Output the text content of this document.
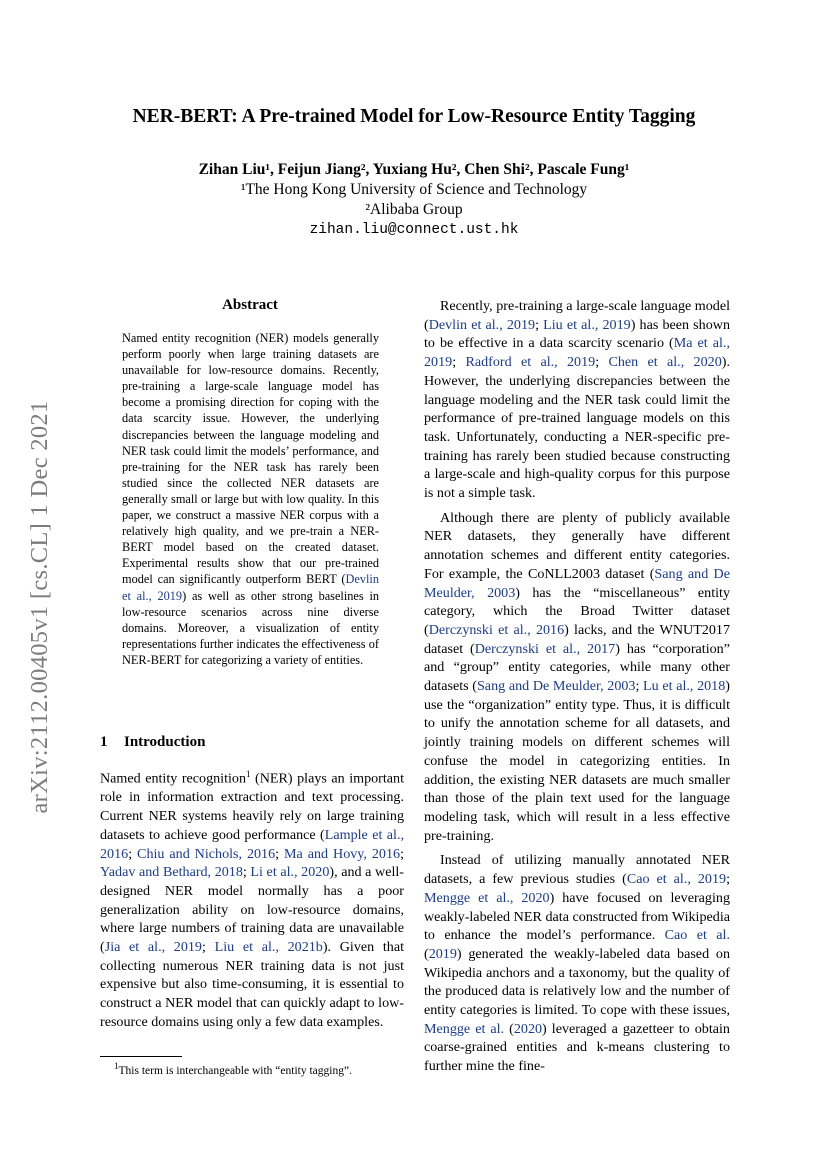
arXiv:2112.00405v1 [cs.CL] 1 Dec 2021
NER-BERT: A Pre-trained Model for Low-Resource Entity Tagging
Zihan Liu¹, Feijun Jiang², Yuxiang Hu², Chen Shi², Pascale Fung¹
¹The Hong Kong University of Science and Technology
²Alibaba Group
zihan.liu@connect.ust.hk
Abstract
Named entity recognition (NER) models generally perform poorly when large training datasets are unavailable for low-resource domains. Recently, pre-training a large-scale language model has become a promising direction for coping with the data scarcity issue. However, the underlying discrepancies between the language modeling and NER task could limit the models’ performance, and pre-training for the NER task has rarely been studied since the collected NER datasets are generally small or large but with low quality. In this paper, we construct a massive NER corpus with a relatively high quality, and we pre-train a NER-BERT model based on the created dataset. Experimental results show that our pre-trained model can significantly outperform BERT (Devlin et al., 2019) as well as other strong baselines in low-resource scenarios across nine diverse domains. Moreover, a visualization of entity representations further indicates the effectiveness of NER-BERT for categorizing a variety of entities.
1 Introduction
Named entity recognition$^1$ (NER) plays an important role in information extraction and text processing. Current NER systems heavily rely on large training datasets to achieve good performance (Lample et al., 2016; Chiu and Nichols, 2016; Ma and Hovy, 2016; Yadav and Bethard, 2018; Li et al., 2020), and a well-designed NER model normally has a poor generalization ability on low-resource domains, where large numbers of training data are unavailable (Jia et al., 2019; Liu et al., 2021b). Given that collecting numerous NER training data is not just expensive but also time-consuming, it is essential to construct a NER model that can quickly adapt to low-resource domains using only a few data examples.
$^1$This term is interchangeable with “entity tagging”.

Recently, pre-training a large-scale language model (Devlin et al., 2019; Liu et al., 2019) has been shown to be effective in a data scarcity scenario (Ma et al., 2019; Radford et al., 2019; Chen et al., 2020). However, the underlying discrepancies between the language modeling and the NER task could limit the performance of pre-trained language models on this task. Unfortunately, conducting a NER-specific pre-training has rarely been studied because constructing a large-scale and high-quality corpus for this purpose is not a simple task.

Although there are plenty of publicly available NER datasets, they generally have different annotation schemes and different entity categories. For example, the CoNLL2003 dataset (Sang and De Meulder, 2003) has the “miscellaneous” entity category, which the Broad Twitter dataset (Derczynski et al., 2016) lacks, and the WNUT2017 dataset (Derczynski et al., 2017) has “corporation” and “group” entity categories, while many other datasets (Sang and De Meulder, 2003; Lu et al., 2018) use the “organization” entity type. Thus, it is difficult to unify the annotation scheme for all datasets, and jointly training models on different schemes will confuse the model in categorizing entities. In addition, the existing NER datasets are much smaller than those of the plain text used for the language modeling task, which will result in a less effective pre-training.

Instead of utilizing manually annotated NER datasets, a few previous studies (Cao et al., 2019; Mengge et al., 2020) have focused on leveraging weakly-labeled NER data constructed from Wikipedia to enhance the model’s performance. Cao et al. (2019) generated the weakly-labeled data based on Wikipedia anchors and a taxonomy, but the quality of the produced data is relatively low and the number of entity categories is limited. To cope with these issues, Mengge et al. (2020) leveraged a gazetteer to obtain coarse-grained entities and k-means clustering to further mine the fine-
